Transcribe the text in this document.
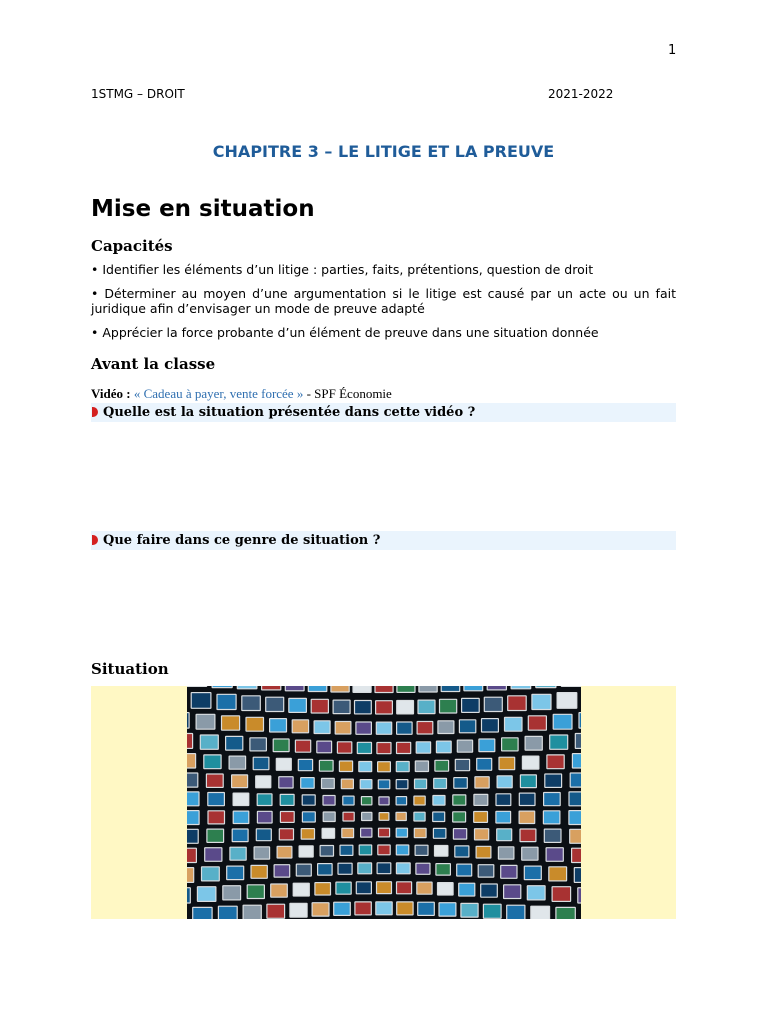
1
1STMG – DROIT	2021-2022
CHAPITRE 3 – LE LITIGE ET LA PREUVE
Mise en situation
Capacités

• Identifier les éléments d’un litige : parties, faits, prétentions, question de droit

• Déterminer au moyen d’une argumentation si le litige est causé par un acte ou un fait juridique afin d’envisager un mode de preuve adapté

• Apprécier la force probante d’un élément de preuve dans une situation donnée

Avant la classe
Vidéo : « Cadeau à payer, vente forcée » - SPF Économie
Quelle est la situation présentée dans cette vidéo ?
Que faire dans ce genre de situation ?
Situation
